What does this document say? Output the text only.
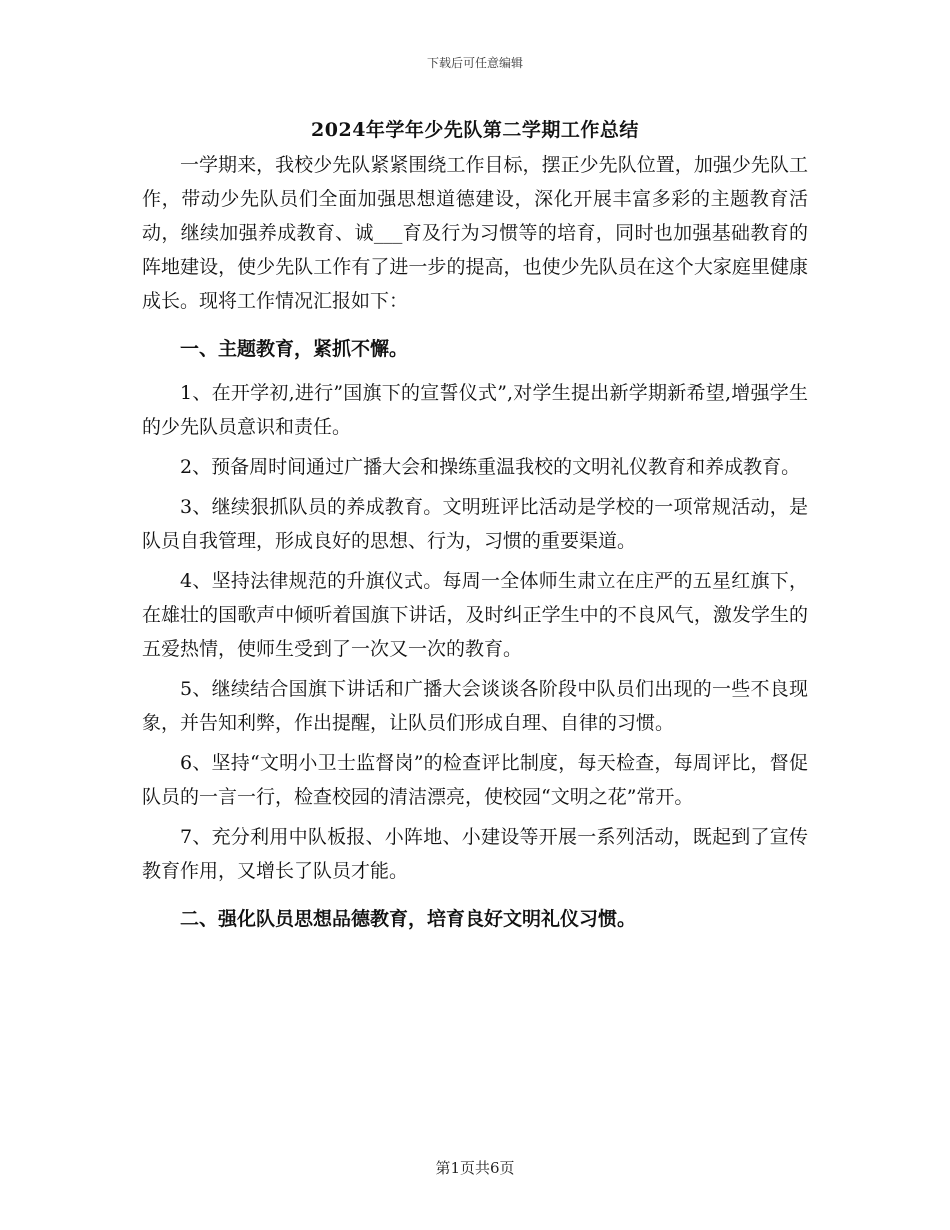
下载后可任意编辑
2024年学年少先队第二学期工作总结

一学期来，我校少先队紧紧围绕工作目标，摆正少先队位置，加强少先队工作，带动少先队员们全面加强思想道德建设，深化开展丰富多彩的主题教育活动，继续加强养成教育、诚___育及行为习惯等的培育，同时也加强基础教育的阵地建设，使少先队工作有了进一步的提高，也使少先队员在这个大家庭里健康成长。现将工作情况汇报如下：

一、主题教育，紧抓不懈。

1、在开学初,进行”国旗下的宣誓仪式”,对学生提出新学期新希望,增强学生的少先队员意识和责任。

2、预备周时间通过广播大会和操练重温我校的文明礼仪教育和养成教育。

3、继续狠抓队员的养成教育。文明班评比活动是学校的一项常规活动，是队员自我管理，形成良好的思想、行为，习惯的重要渠道。

4、坚持法律规范的升旗仪式。每周一全体师生肃立在庄严的五星红旗下，在雄壮的国歌声中倾听着国旗下讲话，及时纠正学生中的不良风气，激发学生的五爱热情，使师生受到了一次又一次的教育。

5、继续结合国旗下讲话和广播大会谈谈各阶段中队员们出现的一些不良现象，并告知利弊，作出提醒，让队员们形成自理、自律的习惯。

6、坚持“文明小卫士监督岗”的检查评比制度，每天检查，每周评比，督促队员的一言一行，检查校园的清洁漂亮，使校园“文明之花”常开。

7、充分利用中队板报、小阵地、小建设等开展一系列活动，既起到了宣传教育作用，又增长了队员才能。

二、强化队员思想品德教育，培育良好文明礼仪习惯。

第1页共6页
